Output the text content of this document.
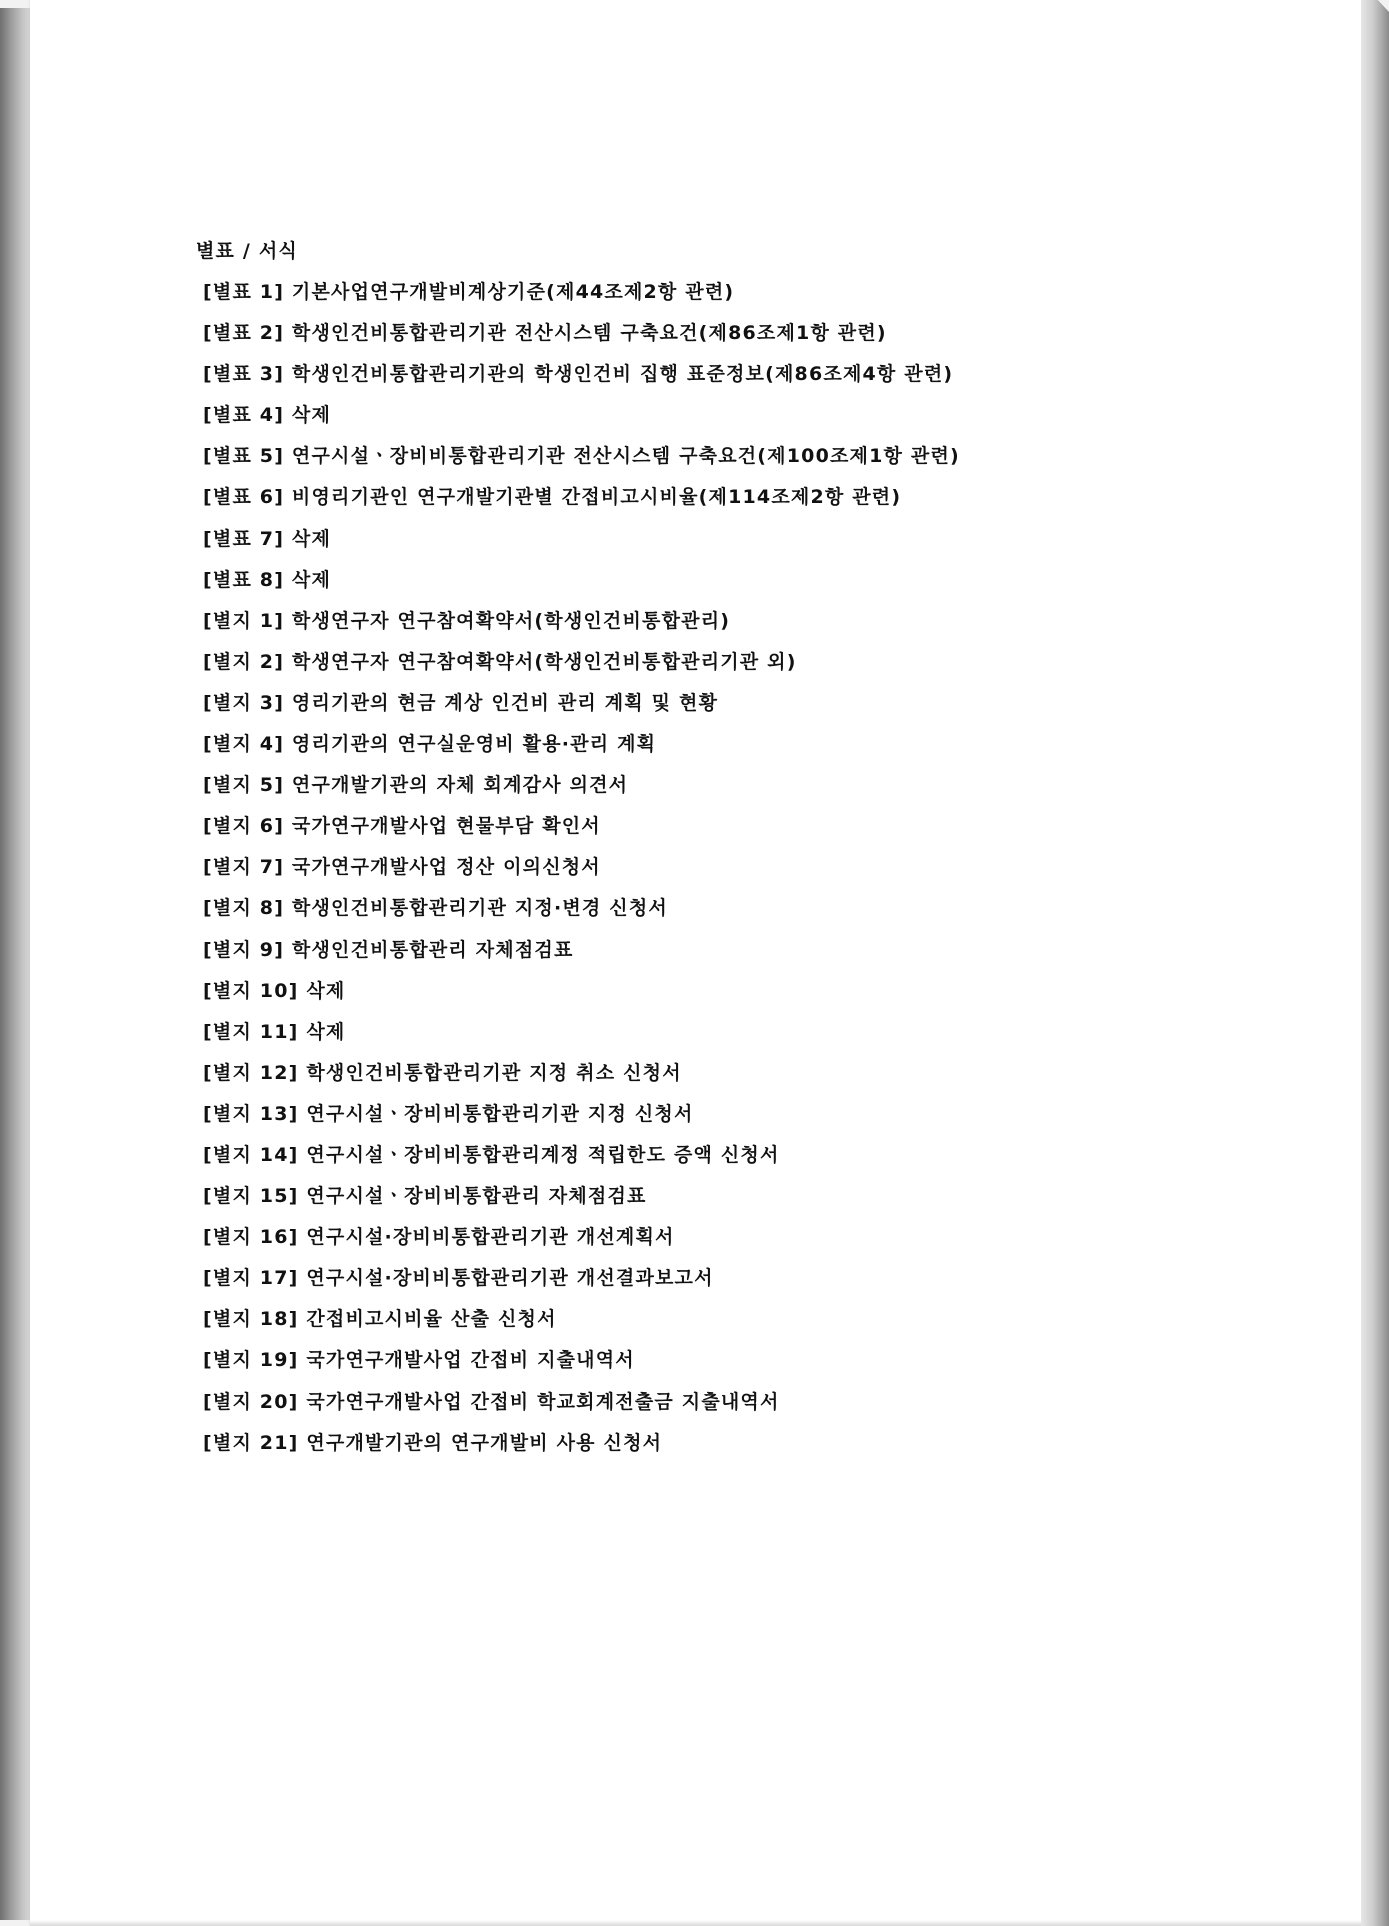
별표 / 서식
[별표 1] 기본사업연구개발비계상기준(제44조제2항 관련)
[별표 2] 학생인건비통합관리기관 전산시스템 구축요건(제86조제1항 관련)
[별표 3] 학생인건비통합관리기관의 학생인건비 집행 표준정보(제86조제4항 관련)
[별표 4] 삭제
[별표 5] 연구시설ㆍ장비비통합관리기관 전산시스템 구축요건(제100조제1항 관련)
[별표 6] 비영리기관인 연구개발기관별 간접비고시비율(제114조제2항 관련)
[별표 7] 삭제
[별표 8] 삭제
[별지 1] 학생연구자 연구참여확약서(학생인건비통합관리)
[별지 2] 학생연구자 연구참여확약서(학생인건비통합관리기관 외)
[별지 3] 영리기관의 현금 계상 인건비 관리 계획 및 현황
[별지 4] 영리기관의 연구실운영비 활용·관리 계획
[별지 5] 연구개발기관의 자체 회계감사 의견서
[별지 6] 국가연구개발사업 현물부담 확인서
[별지 7] 국가연구개발사업 정산 이의신청서
[별지 8] 학생인건비통합관리기관 지정·변경 신청서
[별지 9] 학생인건비통합관리 자체점검표
[별지 10] 삭제
[별지 11] 삭제
[별지 12] 학생인건비통합관리기관 지정 취소 신청서
[별지 13] 연구시설ㆍ장비비통합관리기관 지정 신청서
[별지 14] 연구시설ㆍ장비비통합관리계정 적립한도 증액 신청서
[별지 15] 연구시설ㆍ장비비통합관리 자체점검표
[별지 16] 연구시설·장비비통합관리기관 개선계획서
[별지 17] 연구시설·장비비통합관리기관 개선결과보고서
[별지 18] 간접비고시비율 산출 신청서
[별지 19] 국가연구개발사업 간접비 지출내역서
[별지 20] 국가연구개발사업 간접비 학교회계전출금 지출내역서
[별지 21] 연구개발기관의 연구개발비 사용 신청서
